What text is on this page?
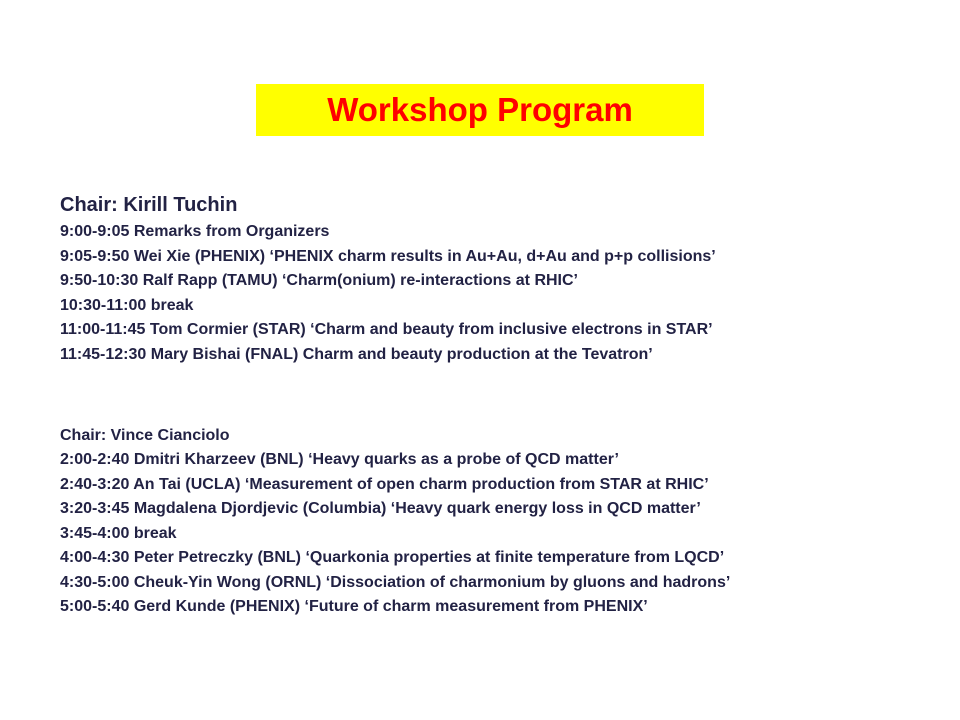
Workshop Program
Chair: Kirill Tuchin
9:00-9:05 Remarks from Organizers
9:05-9:50 Wei Xie (PHENIX) ‘PHENIX charm results in Au+Au, d+Au and p+p collisions’
9:50-10:30 Ralf Rapp (TAMU) ‘Charm(onium) re-interactions at RHIC’
10:30-11:00 break
11:00-11:45 Tom Cormier (STAR) ‘Charm and beauty from inclusive electrons in STAR’
11:45-12:30 Mary Bishai (FNAL) Charm and beauty production at the Tevatron’
Chair: Vince Cianciolo
2:00-2:40 Dmitri Kharzeev (BNL) ‘Heavy quarks as a probe of QCD matter’
2:40-3:20 An Tai (UCLA) ‘Measurement of open charm production from STAR at RHIC’
3:20-3:45 Magdalena Djordjevic (Columbia) ‘Heavy quark energy loss in QCD matter’
3:45-4:00 break
4:00-4:30 Peter Petreczky (BNL) ‘Quarkonia properties at finite temperature from LQCD’
4:30-5:00 Cheuk-Yin Wong (ORNL) ‘Dissociation of charmonium by gluons and hadrons’
5:00-5:40 Gerd Kunde (PHENIX) ‘Future of charm measurement from PHENIX’
